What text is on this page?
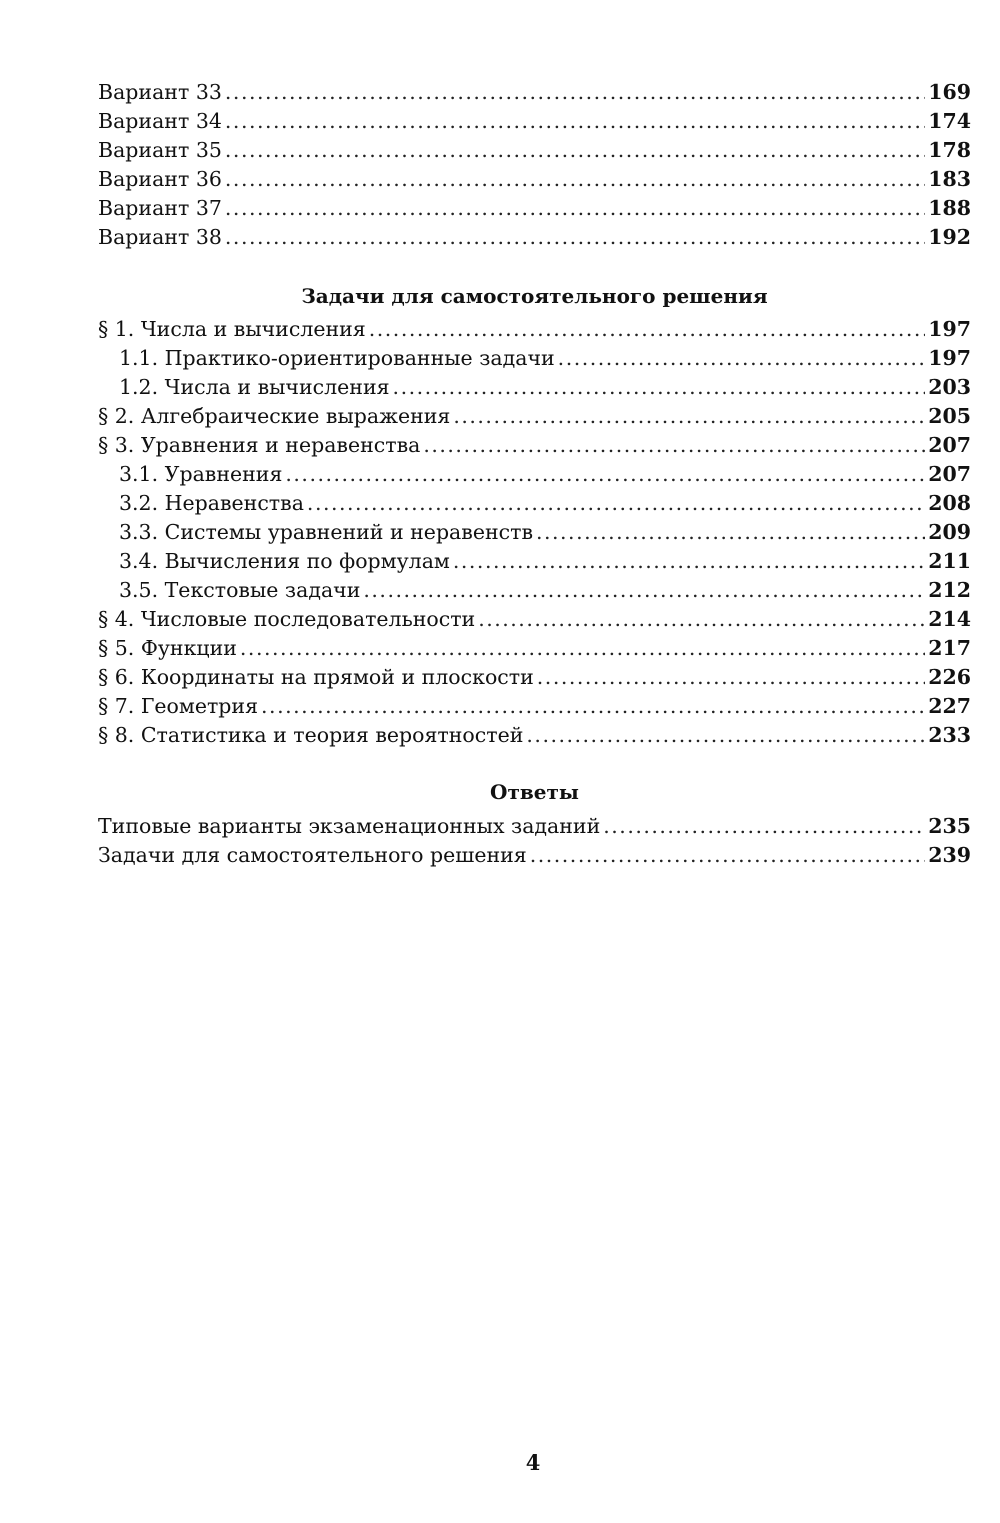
Вариант 33 .....	169
Вариант 34 .....	174
Вариант 35 .....	178
Вариант 36 .....	183
Вариант 37 .....	188
Вариант 38 .....	192
Задачи для самостоятельного решения
§ 1. Числа и вычисления .....	197
1.1. Практико-ориентированные задачи .....	197
1.2. Числа и вычисления .....	203
§ 2. Алгебраические выражения .....	205
§ 3. Уравнения и неравенства .....	207
3.1. Уравнения .....	207
3.2. Неравенства .....	208
3.3. Системы уравнений и неравенств .....	209
3.4. Вычисления по формулам .....	211
3.5. Текстовые задачи .....	212
§ 4. Числовые последовательности .....	214
§ 5. Функции .....	217
§ 6. Координаты на прямой и плоскости .....	226
§ 7. Геометрия .....	227
§ 8. Статистика и теория вероятностей .....	233
Ответы
Типовые варианты экзаменационных заданий .....	235
Задачи для самостоятельного решения .....	239
4
